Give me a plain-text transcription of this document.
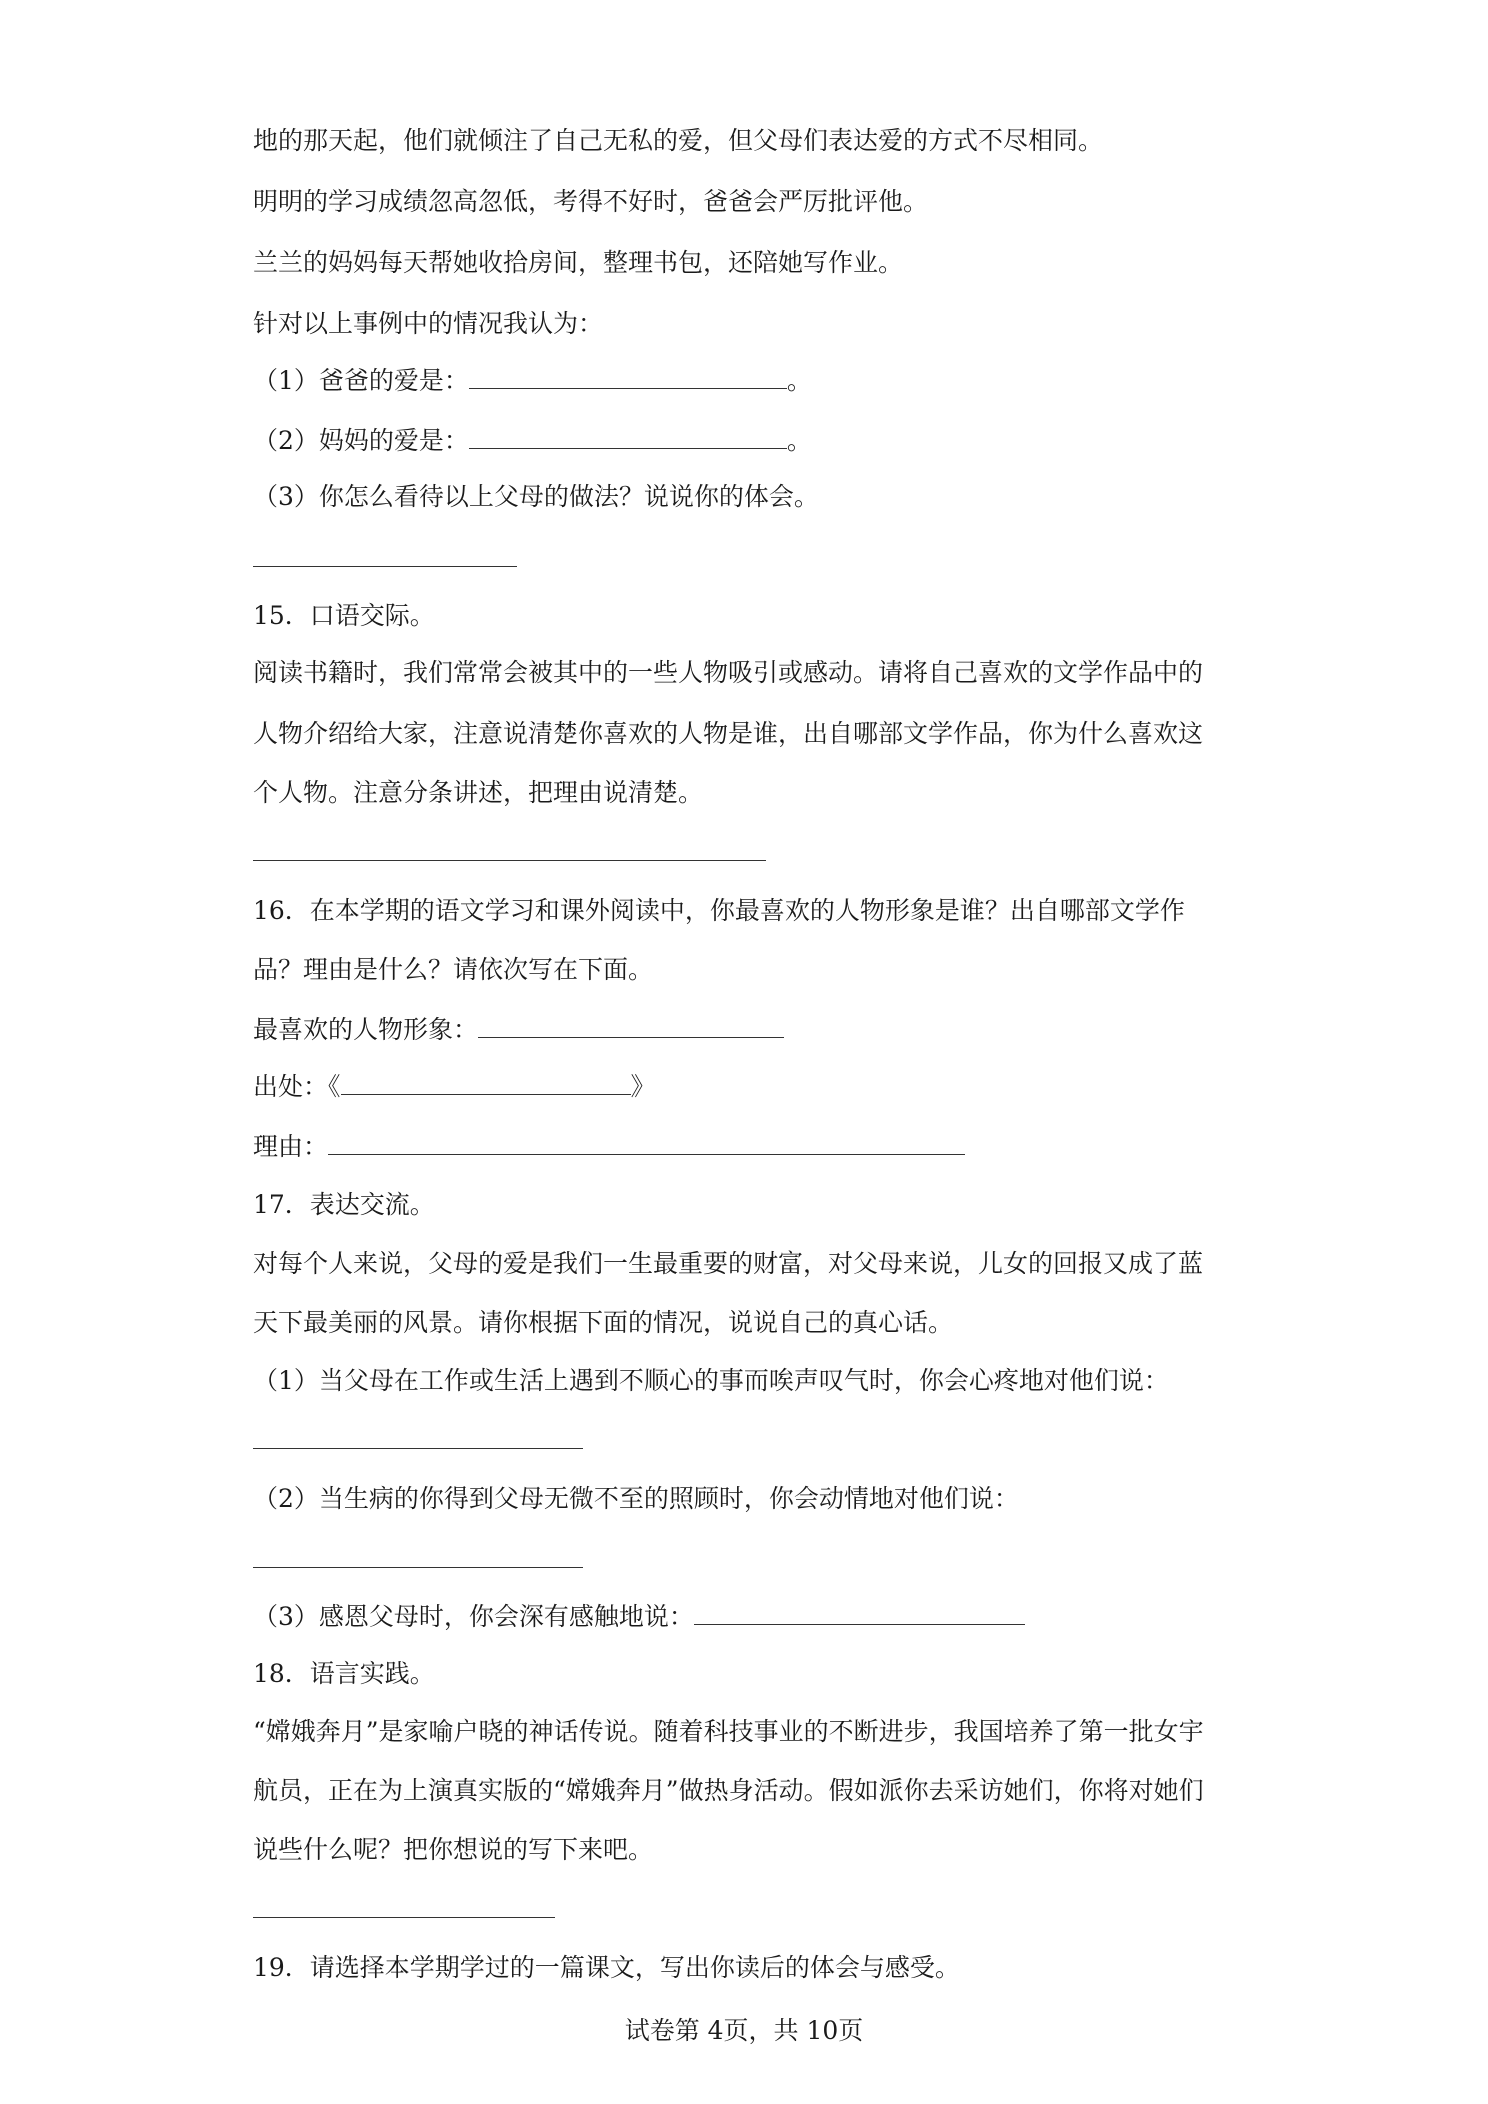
地的那天起，他们就倾注了自己无私的爱，但父母们表达爱的方式不尽相同。
明明的学习成绩忽高忽低，考得不好时，爸爸会严厉批评他。
兰兰的妈妈每天帮她收拾房间，整理书包，还陪她写作业。
针对以上事例中的情况我认为：
（1）爸爸的爱是：	。
（2）妈妈的爱是：	。
（3）你怎么看待以上父母的做法？说说你的体会。
15．口语交际。
阅读书籍时，我们常常会被其中的一些人物吸引或感动。请将自己喜欢的文学作品中的
人物介绍给大家，注意说清楚你喜欢的人物是谁，出自哪部文学作品，你为什么喜欢这
个人物。注意分条讲述，把理由说清楚。
16．在本学期的语文学习和课外阅读中，你最喜欢的人物形象是谁？出自哪部文学作
品？理由是什么？请依次写在下面。
最喜欢的人物形象：
出处：《	》
理由：
17．表达交流。
对每个人来说，父母的爱是我们一生最重要的财富，对父母来说，儿女的回报又成了蓝
天下最美丽的风景。请你根据下面的情况，说说自己的真心话。
（1）当父母在工作或生活上遇到不顺心的事而唉声叹气时，你会心疼地对他们说：
（2）当生病的你得到父母无微不至的照顾时，你会动情地对他们说：
（3）感恩父母时，你会深有感触地说：
18．语言实践。
“嫦娥奔月”是家喻户晓的神话传说。随着科技事业的不断进步，我国培养了第一批女宇
航员，正在为上演真实版的“嫦娥奔月”做热身活动。假如派你去采访她们，你将对她们
说些什么呢？把你想说的写下来吧。
19．请选择本学期学过的一篇课文，写出你读后的体会与感受。
试卷第 4页，共 10页
